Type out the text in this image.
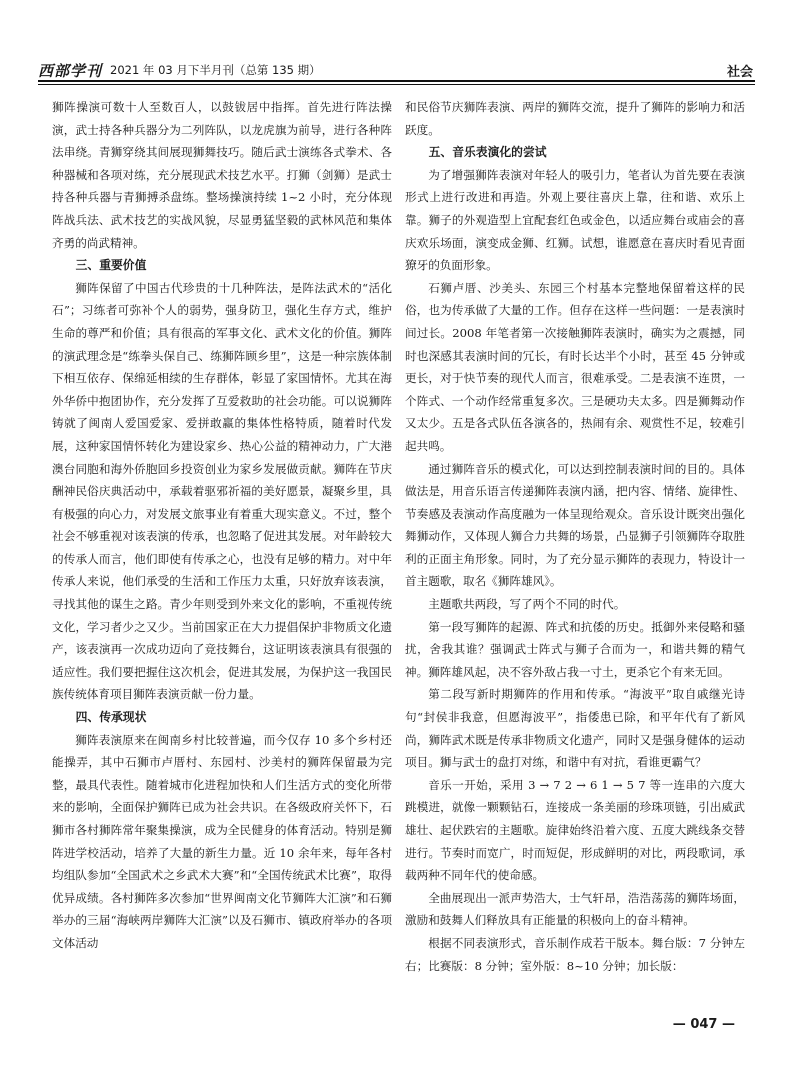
西部学刊 2021 年 03 月下半月刊（总第 135 期）	社会

狮阵操演可数十人至数百人，以鼓钹居中指挥。首先进行阵法操演，武士持各种兵器分为二列阵队，以龙虎旗为前导，进行各种阵法串绕。青狮穿绕其间展现狮舞技巧。随后武士演练各式拳术、各种器械和各项对练，充分展现武术技艺水平。打狮（剑狮）是武士持各种兵器与青狮搏杀盘练。整场操演持续 1~2 小时，充分体现阵战兵法、武术技艺的实战风貌，尽显勇猛坚毅的武林风范和集体齐勇的尚武精神。

三、重要价值

狮阵保留了中国古代珍贵的十几种阵法，是阵法武术的“活化石”；习练者可弥补个人的弱势，强身防卫，强化生存方式，维护生命的尊严和价值；具有很高的军事文化、武术文化的价值。狮阵的演武理念是“练拳头保自己、练狮阵顾乡里”，这是一种宗族体制下相互依存、保绵延相续的生存群体，彰显了家国情怀。尤其在海外华侨中抱团协作，充分发挥了互爱救助的社会功能。可以说狮阵铸就了闽南人爱国爱家、爱拼敢赢的集体性格特质，随着时代发展，这种家国情怀转化为建设家乡、热心公益的精神动力，广大港澳台同胞和海外侨胞回乡投资创业为家乡发展做贡献。狮阵在节庆酬神民俗庆典活动中，承载着驱邪祈福的美好愿景，凝聚乡里，具有极强的向心力，对发展文旅事业有着重大现实意义。不过，整个社会不够重视对该表演的传承，也忽略了促进其发展。对年龄较大的传承人而言，他们即使有传承之心，也没有足够的精力。对中年传承人来说，他们承受的生活和工作压力太重，只好放弃该表演，寻找其他的谋生之路。青少年则受到外来文化的影响，不重视传统文化，学习者少之又少。当前国家正在大力提倡保护非物质文化遗产，该表演再一次成功迈向了竞技舞台，这证明该表演具有很强的适应性。我们要把握住这次机会，促进其发展，为保护这一我国民族传统体育项目狮阵表演贡献一份力量。

四、传承现状

狮阵表演原来在闽南乡村比较普遍，而今仅存 10 多个乡村还能操弄，其中石狮市卢厝村、东园村、沙美村的狮阵保留最为完整，最具代表性。随着城市化进程加快和人们生活方式的变化所带来的影响，全面保护狮阵已成为社会共识。在各级政府关怀下，石狮市各村狮阵常年聚集操演，成为全民健身的体育活动。特别是狮阵进学校活动，培养了大量的新生力量。近 10 余年来，每年各村均组队参加“全国武术之乡武术大赛”和“全国传统武术比赛”，取得优异成绩。各村狮阵多次参加“世界闽南文化节狮阵大汇演”和石狮举办的三届“海峡两岸狮阵大汇演”以及石狮市、镇政府举办的各项文体活动

和民俗节庆狮阵表演、两岸的狮阵交流，提升了狮阵的影响力和活跃度。

五、音乐表演化的尝试

为了增强狮阵表演对年轻人的吸引力，笔者认为首先要在表演形式上进行改进和再造。外观上要往喜庆上靠，往和谐、欢乐上靠。狮子的外观造型上宜配套红色或金色，以适应舞台或庙会的喜庆欢乐场面，演变成金狮、红狮。试想，谁愿意在喜庆时看见青面獠牙的负面形象。

石狮卢厝、沙美头、东园三个村基本完整地保留着这样的民俗，也为传承做了大量的工作。但存在这样一些问题：一是表演时间过长。2008 年笔者第一次接触狮阵表演时，确实为之震撼，同时也深感其表演时间的冗长，有时长达半个小时，甚至 45 分钟或更长，对于快节奏的现代人而言，很难承受。二是表演不连贯，一个阵式、一个动作经常重复多次。三是硬功夫太多。四是狮舞动作又太少。五是各式队伍各演各的，热闹有余、观赏性不足，较难引起共鸣。

通过狮阵音乐的模式化，可以达到控制表演时间的目的。具体做法是，用音乐语言传递狮阵表演内涵，把内容、情绪、旋律性、节奏感及表演动作高度融为一体呈现给观众。音乐设计既突出强化舞狮动作，又体现人狮合力共舞的场景，凸显狮子引领狮阵夺取胜利的正面主角形象。同时，为了充分显示狮阵的表现力，特设计一首主题歌，取名《狮阵雄风》。

主题歌共两段，写了两个不同的时代。

第一段写狮阵的起源、阵式和抗倭的历史。抵御外来侵略和骚扰，舍我其谁？强调武士阵式与狮子合而为一，和谐共舞的精气神。狮阵雄风起，决不容外敌占我一寸土，更杀它个有来无回。

第二段写新时期狮阵的作用和传承。“海波平”取自戚继光诗句“封侯非我意，但愿海波平”，指倭患已除，和平年代有了新风尚，狮阵武术既是传承非物质文化遗产，同时又是强身健体的运动项目。狮与武士的盘打对练，和谐中有对抗，看谁更霸气？

音乐一开始，采用 3 → 7 2 → 6 1 → 5 7 等一连串的六度大跳模进，就像一颗颗钻石，连接成一条美丽的珍珠项链，引出威武雄壮、起伏跌宕的主题歌。旋律始终沿着六度、五度大跳线条交替进行。节奏时而宽广，时而短促，形成鲜明的对比，两段歌词，承载两种不同年代的使命感。

全曲展现出一派声势浩大，士气轩昂，浩浩荡荡的狮阵场面，激励和鼓舞人们释放具有正能量的积极向上的奋斗精神。

根据不同表演形式，音乐制作成若干版本。舞台版：7 分钟左右；比赛版：8 分钟；室外版：8~10 分钟；加长版：

— 047 —
